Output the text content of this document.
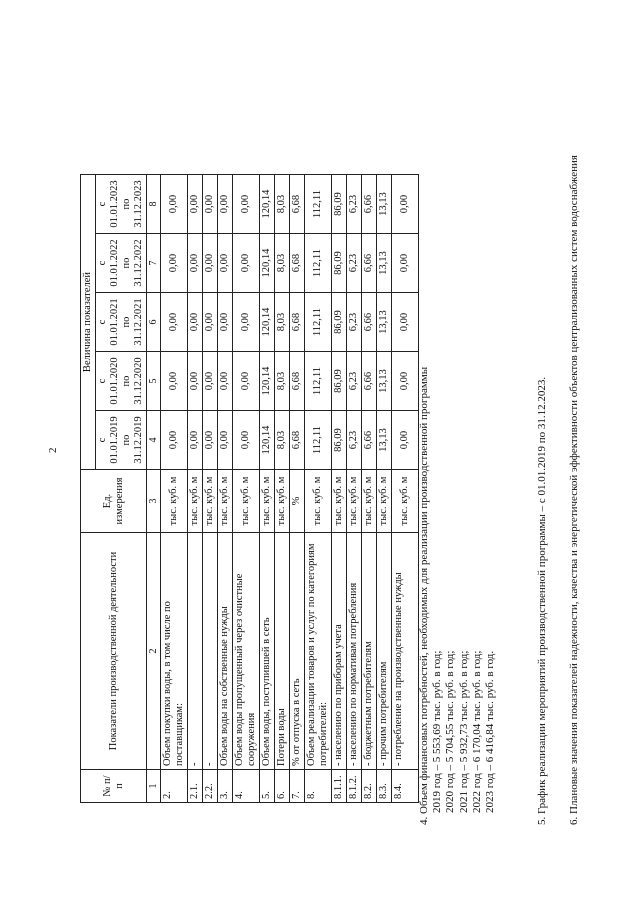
2
№ п/п	Показатели производственной деятельности	Ед. измерения	Величина показателей				
			с 01.01.2019 по 31.12.2019	с 01.01.2020 по 31.12.2020	с 01.01.2021 по 31.12.2021	с 01.01.2022 по 31.12.2022	с 01.01.2023 по 31.12.2023
1	2	3	4	5	6	7	8
2.	Объем покупки воды, в том числе по поставщикам:	тыс. куб. м	0,00	0,00	0,00	0,00	0,00
2.1.	-	тыс. куб. м	0,00	0,00	0,00	0,00	0,00
2.2.	-	тыс. куб. м	0,00	0,00	0,00	0,00	0,00
3.	Объем воды на собственные нужды	тыс. куб. м	0,00	0,00	0,00	0,00	0,00
4.	Объем воды пропущенный через очистные сооружения	тыс. куб. м	0,00	0,00	0,00	0,00	0,00
5.	Объем воды, поступившей в сеть	тыс. куб. м	120,14	120,14	120,14	120,14	120,14
6.	Потери воды	тыс. куб. м	8,03	8,03	8,03	8,03	8,03
7.	% от отпуска в сеть	%	6,68	6,68	6,68	6,68	6,68
8.	Объем реализации товаров и услуг по категориям потребителей:	тыс. куб. м	112,11	112,11	112,11	112,11	112,11
8.1.1.	- населению по приборам учета	тыс. куб. м	86,09	86,09	86,09	86,09	86,09
8.1.2.	- населению по нормативам потребления	тыс. куб. м	6,23	6,23	6,23	6,23	6,23
8.2.	- бюджетным потребителям	тыс. куб. м	6,66	6,66	6,66	6,66	6,66
8.3.	- прочим потребителям	тыс. куб. м	13,13	13,13	13,13	13,13	13,13
8.4.	- потребление на производственные нужды	тыс. куб. м	0,00	0,00	0,00	0,00	0,00

4. Объем финансовых потребностей, необходимых для реализации производственной программы 2019 год – 5 553,69 тыс. руб. в год; 2020 год – 5 704,55 тыс. руб. в год; 2021 год – 5 932,73 тыс. руб. в год; 2022 год – 6 170,04 тыс. руб. в год; 2023 год – 6 416,84 тыс. руб. в год.	5. График реализации мероприятий производственной программы – с 01.01.2019 по 31.12.2023. 6. Плановые значения показателей надежности, качества и энергетической эффективности объектов централизованных систем водоснабжения
